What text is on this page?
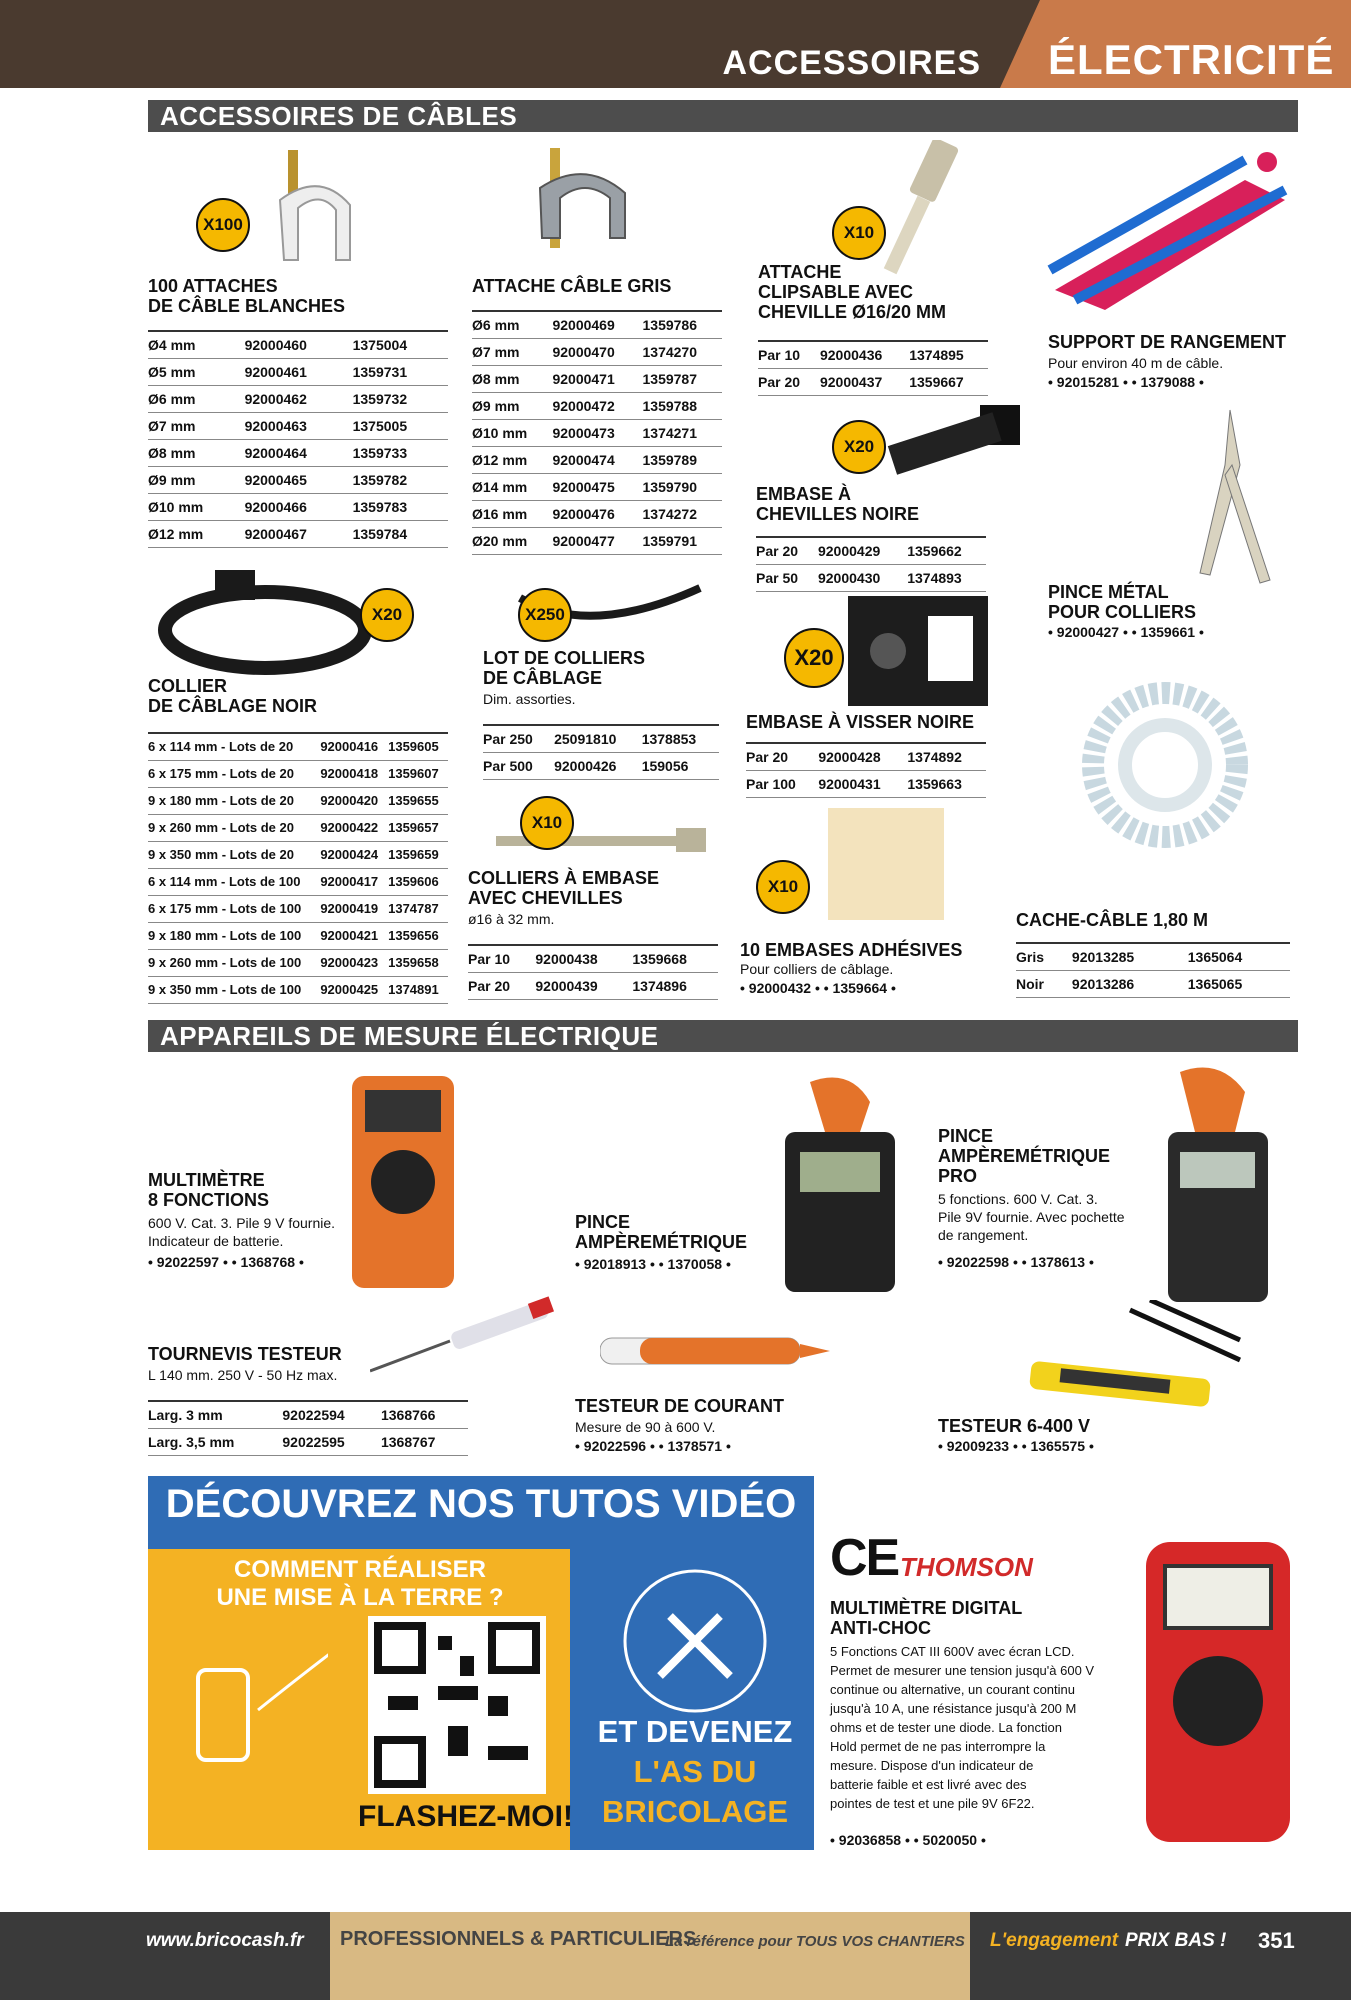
ACCESSOIRES ÉLECTRICITÉ
ACCESSOIRES DE CÂBLES
X100
100 ATTACHES
DE CÂBLE BLANCHES
Ø4 mm	92000460	1375004
Ø5 mm	92000461	1359731
Ø6 mm	92000462	1359732
Ø7 mm	92000463	1375005
Ø8 mm	92000464	1359733
Ø9 mm	92000465	1359782
Ø10 mm	92000466	1359783
Ø12 mm	92000467	1359784
ATTACHE CÂBLE GRIS
Ø6 mm	92000469	1359786
Ø7 mm	92000470	1374270
Ø8 mm	92000471	1359787
Ø9 mm	92000472	1359788
Ø10 mm	92000473	1374271
Ø12 mm	92000474	1359789
Ø14 mm	92000475	1359790
Ø16 mm	92000476	1374272
Ø20 mm	92000477	1359791
X10
ATTACHE
CLIPSABLE AVEC
CHEVILLE Ø16/20 MM
Par 10	92000436	1374895
Par 20	92000437	1359667
SUPPORT DE RANGEMENT
Pour environ 40 m de câble.
• 92015281 • • 1379088 •
X20
EMBASE À
CHEVILLES NOIRE
Par 20	92000429	1359662
Par 50	92000430	1374893
PINCE MÉTAL
POUR COLLIERS
• 92000427 • • 1359661 •
X20
COLLIER
DE CÂBLAGE NOIR
6 x 114 mm - Lots de 20	92000416	1359605
6 x 175 mm - Lots de 20	92000418	1359607
9 x 180 mm - Lots de 20	92000420	1359655
9 x 260 mm - Lots de 20	92000422	1359657
9 x 350 mm - Lots de 20	92000424	1359659
6 x 114 mm - Lots de 100	92000417	1359606
6 x 175 mm - Lots de 100	92000419	1374787
9 x 180 mm - Lots de 100	92000421	1359656
9 x 260 mm - Lots de 100	92000423	1359658
9 x 350 mm - Lots de 100	92000425	1374891
X250
LOT DE COLLIERS
DE CÂBLAGE
Dim. assorties.
Par 250	25091810	1378853
Par 500	92000426	159056
X20
EMBASE À VISSER NOIRE
Par 20	92000428	1374892
Par 100	92000431	1359663
CACHE-CÂBLE 1,80 M
Gris	92013285	1365064
Noir	92013286	1365065
X10
COLLIERS À EMBASE
AVEC CHEVILLES
ø16 à 32 mm.
Par 10	92000438	1359668
Par 20	92000439	1374896
X10
10 EMBASES ADHÉSIVES
Pour colliers de câblage.
• 92000432 • • 1359664 •
APPAREILS DE MESURE ÉLECTRIQUE
MULTIMÈTRE
8 FONCTIONS
600 V. Cat. 3. Pile 9 V fournie.
Indicateur de batterie.
• 92022597 • • 1368768 •
PINCE
AMPÈREMÉTRIQUE
• 92018913 • • 1370058 •
PINCE
AMPÈREMÉTRIQUE
PRO
5 fonctions. 600 V. Cat. 3.
Pile 9V fournie. Avec pochette
de rangement.
• 92022598 • • 1378613 •
TOURNEVIS TESTEUR
L 140 mm. 250 V - 50 Hz max.
Larg. 3 mm	92022594	1368766
Larg. 3,5 mm	92022595	1368767
TESTEUR DE COURANT
Mesure de 90 à 600 V.
• 92022596 • • 1378571 •
TESTEUR 6-400 V
• 92009233 • • 1365575 •
DÉCOUVREZ NOS TUTOS VIDÉO
COMMENT RÉALISER
UNE MISE À LA TERRE ?
FLASHEZ-MOI!
ET DEVENEZ
L'AS DU
BRICOLAGE
CE THOMSON
MULTIMÈTRE DIGITAL
ANTI-CHOC
5 Fonctions CAT III 600V avec écran LCD.
Permet de mesurer une tension jusqu'à 600 V
continue ou alternative, un courant continu
jusqu'à 10 A, une résistance jusqu'à 200 M
ohms et de tester une diode. La fonction
Hold permet de ne pas interrompre la
mesure. Dispose d'un indicateur de
batterie faible et est livré avec des
pointes de test et une pile 9V 6F22.
• 92036858 • • 5020050 •
www.bricocash.fr PROFESSIONNELS & PARTICULIERS
La référence pour TOUS VOS CHANTIERS L'engagement PRIX BAS ! 351
